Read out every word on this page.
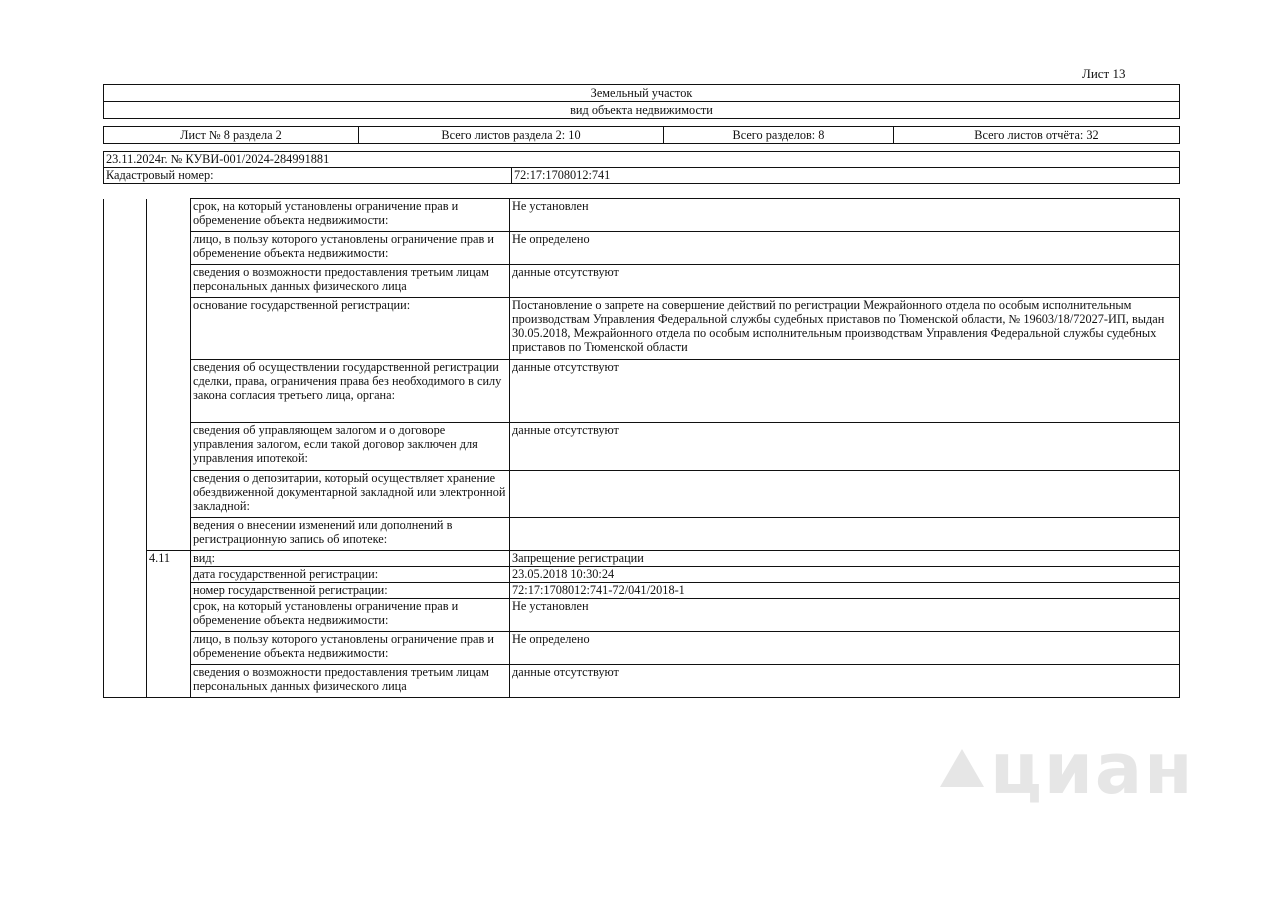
Лист 13
Земельный участок
вид объекта недвижимости
Лист № 8 раздела 2	Всего листов раздела 2: 10	Всего разделов: 8	Всего листов отчёта: 32
23.11.2024г. № КУВИ-001/2024-284991881
Кадастровый номер:	72:17:1708012:741
		срок, на который установлены ограничение прав и обременение объекта недвижимости:	Не установлен
		лицо, в пользу которого установлены ограничение прав и обременение объекта недвижимости:	Не определено
		сведения о возможности предоставления третьим лицам персональных данных физического лица	данные отсутствуют
		основание государственной регистрации:	Постановление о запрете на совершение действий по регистрации Межрайонного отдела по особым исполнительным производствам Управления Федеральной службы судебных приставов по Тюменской области, № 19603/18/72027-ИП, выдан 30.05.2018, Межрайонного отдела по особым исполнительным производствам Управления Федеральной службы судебных приставов по Тюменской области
		сведения об осуществлении государственной регистрации сделки, права, ограничения права без необходимого в силу закона согласия третьего лица, органа:	данные отсутствуют
		сведения об управляющем залогом и о договоре управления залогом, если такой договор заключен для управления ипотекой:	данные отсутствуют
		сведения о депозитарии, который осуществляет хранение обездвиженной документарной закладной или электронной закладной:	
		ведения о внесении изменений или дополнений в регистрационную запись об ипотеке:	
	4.11	вид:	Запрещение регистрации
		дата государственной регистрации:	23.05.2018 10:30:24
		номер государственной регистрации:	72:17:1708012:741-72/041/2018-1
		срок, на который установлены ограничение прав и обременение объекта недвижимости:	Не установлен
		лицо, в пользу которого установлены ограничение прав и обременение объекта недвижимости:	Не определено
		сведения о возможности предоставления третьим лицам персональных данных физического лица	данные отсутствуют
циан
